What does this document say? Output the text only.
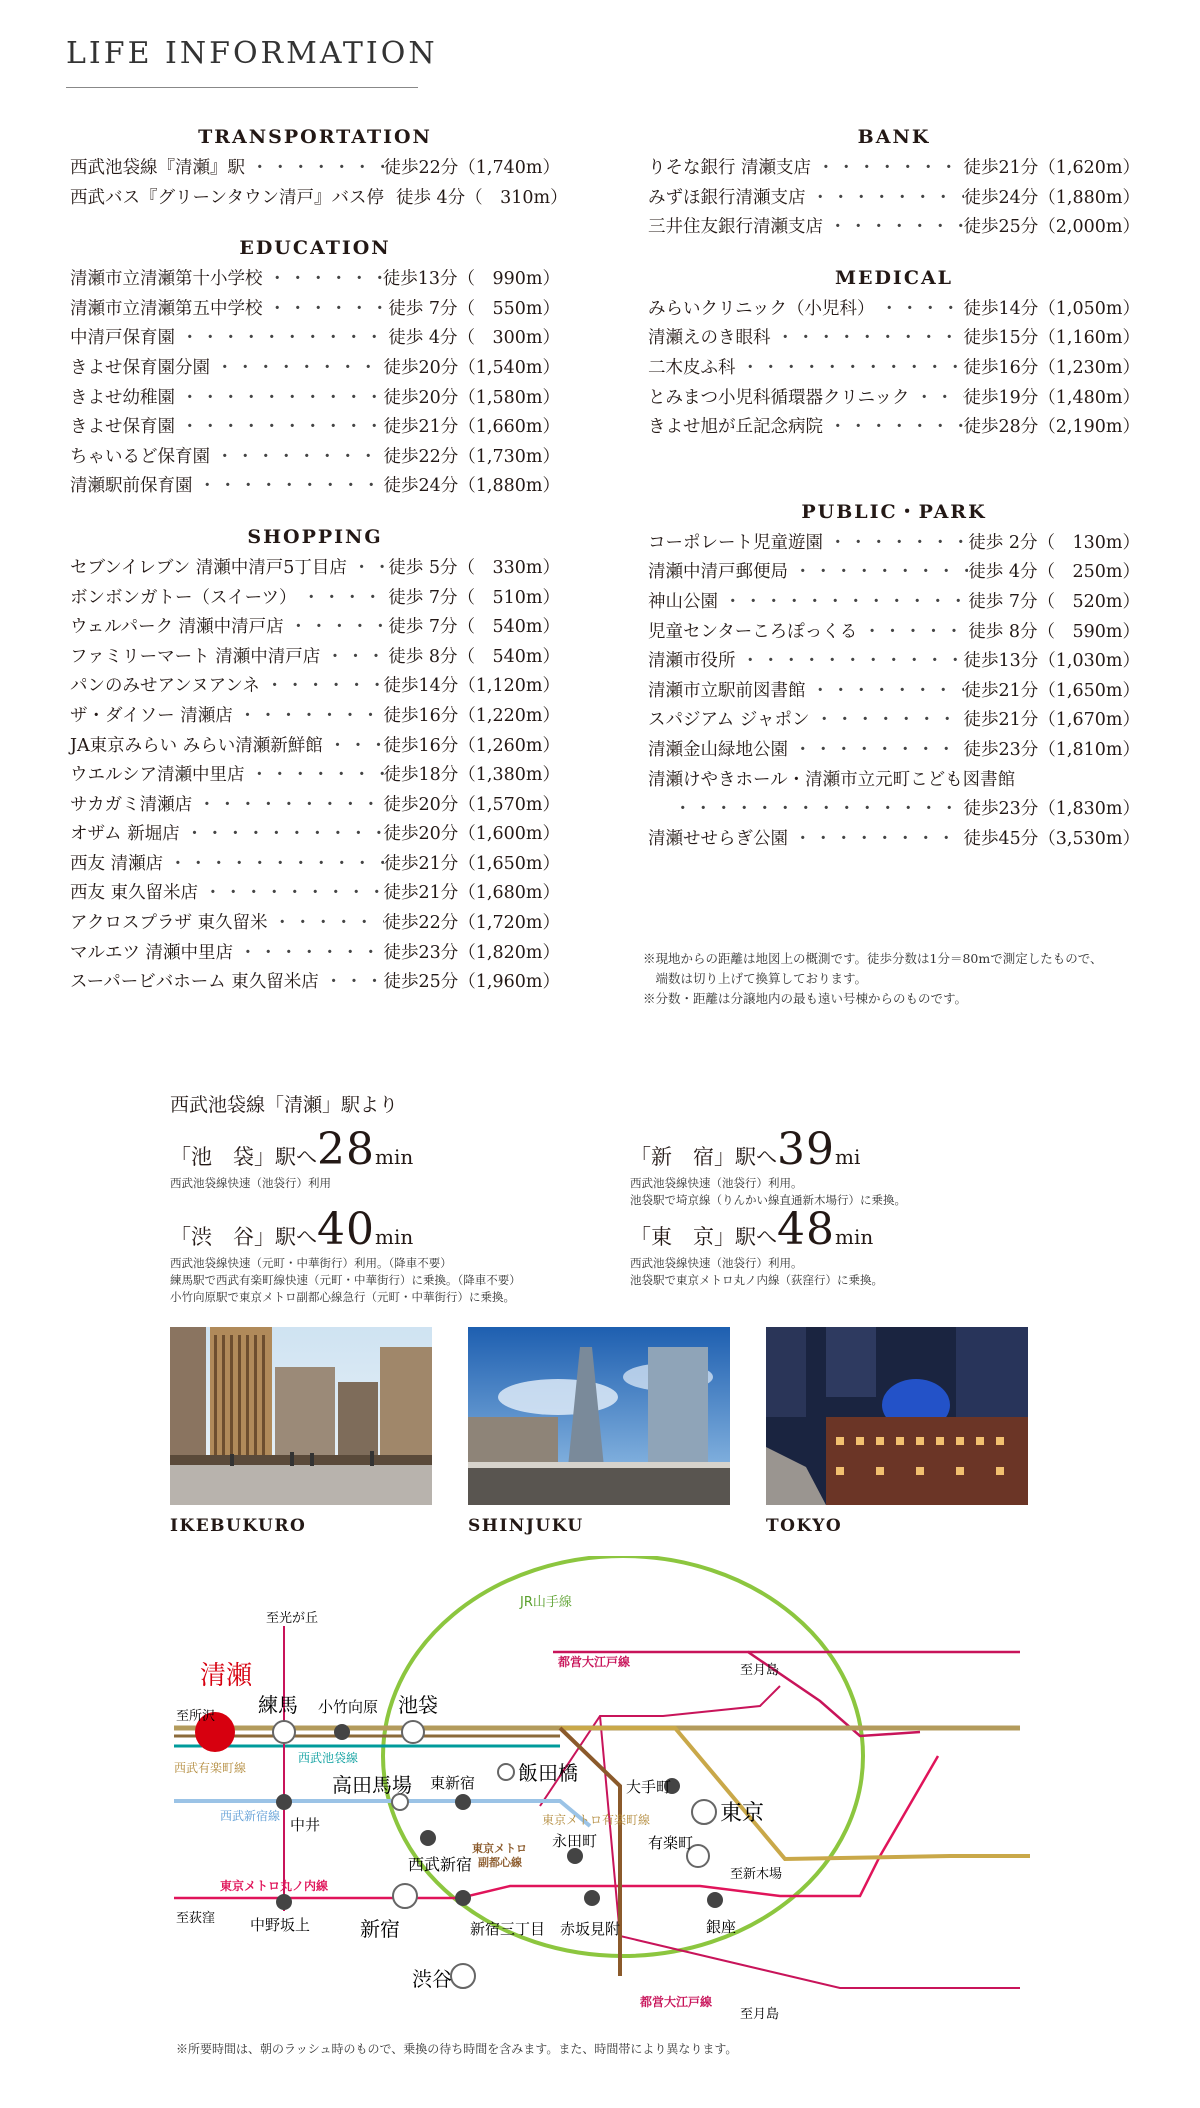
LIFE INFORMATION
TRANSPORTATION
西武池袋線『清瀬』駅 ・・・・・・・・・・・・・・・・・・・・・・・・・・・・・・・・・・・・・・・・・・	徒歩22分（1,740m）
西武バス『グリーンタウン清戸』バス停 ・・・・・・・・・・・・・・・・・・・・・・・・・・・・・・・・・・・・・・・・・・ 徒歩 4分（　310m）
EDUCATION
清瀬市立清瀬第十小学校 ・・・・・・・・・・・・・・・・・・・・・・・・・・・・・・・・・・・・・・・・・・	徒歩13分（　990m）
清瀬市立清瀬第五中学校 ・・・・・・・・・・・・・・・・・・・・・・・・・・・・・・・・・・・・・・・・・・	徒歩 7分（　550m）
中清戸保育園 ・・・・・・・・・・・・・・・・・・・・・・・・・・・・・・・・・・・・・・・・・・	徒歩 4分（　300m）
きよせ保育園分園 ・・・・・・・・・・・・・・・・・・・・・・・・・・・・・・・・・・・・・・・・・・	徒歩20分（1,540m）
きよせ幼稚園 ・・・・・・・・・・・・・・・・・・・・・・・・・・・・・・・・・・・・・・・・・・	徒歩20分（1,580m）
きよせ保育園 ・・・・・・・・・・・・・・・・・・・・・・・・・・・・・・・・・・・・・・・・・・	徒歩21分（1,660m）
ちゃいるど保育園 ・・・・・・・・・・・・・・・・・・・・・・・・・・・・・・・・・・・・・・・・・・	徒歩22分（1,730m）
清瀬駅前保育園 ・・・・・・・・・・・・・・・・・・・・・・・・・・・・・・・・・・・・・・・・・・	徒歩24分（1,880m）
SHOPPING
セブンイレブン 清瀬中清戸5丁目店 ・・・・・・・・・・・・・・・・・・・・・・・・・・・・・・・・・・・・・・・・・・ 徒歩 5分（　330m）
ボンボンガトー（スイーツ） ・・・・・・・・・・・・・・・・・・・・・・・・・・・・・・・・・・・・・・・・・・	徒歩 7分（　510m）
ウェルパーク 清瀬中清戸店 ・・・・・・・・・・・・・・・・・・・・・・・・・・・・・・・・・・・・・・・・・・	徒歩 7分（　540m）
ファミリーマート 清瀬中清戸店 ・・・・・・・・・・・・・・・・・・・・・・・・・・・・・・・・・・・・・・・・・・	徒歩 8分（　540m）
パンのみせアンヌアンネ ・・・・・・・・・・・・・・・・・・・・・・・・・・・・・・・・・・・・・・・・・・	徒歩14分（1,120m）
ザ・ダイソー 清瀬店 ・・・・・・・・・・・・・・・・・・・・・・・・・・・・・・・・・・・・・・・・・・	徒歩16分（1,220m）
JA東京みらい みらい清瀬新鮮館 ・・・・・・・・・・・・・・・・・・・・・・・・・・・・・・・・・・・・・・・・・・	徒歩16分（1,260m）
ウエルシア清瀬中里店 ・・・・・・・・・・・・・・・・・・・・・・・・・・・・・・・・・・・・・・・・・・	徒歩18分（1,380m）
サカガミ清瀬店 ・・・・・・・・・・・・・・・・・・・・・・・・・・・・・・・・・・・・・・・・・・	徒歩20分（1,570m）
オザム 新堀店 ・・・・・・・・・・・・・・・・・・・・・・・・・・・・・・・・・・・・・・・・・・	徒歩20分（1,600m）
西友 清瀬店 ・・・・・・・・・・・・・・・・・・・・・・・・・・・・・・・・・・・・・・・・・・	徒歩21分（1,650m）
西友 東久留米店 ・・・・・・・・・・・・・・・・・・・・・・・・・・・・・・・・・・・・・・・・・・	徒歩21分（1,680m）
アクロスプラザ 東久留米 ・・・・・・・・・・・・・・・・・・・・・・・・・・・・・・・・・・・・・・・・・・	徒歩22分（1,720m）
マルエツ 清瀬中里店 ・・・・・・・・・・・・・・・・・・・・・・・・・・・・・・・・・・・・・・・・・・	徒歩23分（1,820m）
スーパービバホーム 東久留米店 ・・・・・・・・・・・・・・・・・・・・・・・・・・・・・・・・・・・・・・・・・・	徒歩25分（1,960m）
BANK
りそな銀行 清瀬支店 ・・・・・・・・・・・・・・・・・・・・・・・・・・・・・・・・・・・・・・・・・・	徒歩21分（1,620m）
みずほ銀行清瀬支店 ・・・・・・・・・・・・・・・・・・・・・・・・・・・・・・・・・・・・・・・・・・	徒歩24分（1,880m）
三井住友銀行清瀬支店 ・・・・・・・・・・・・・・・・・・・・・・・・・・・・・・・・・・・・・・・・・・	徒歩25分（2,000m）
MEDICAL
みらいクリニック（小児科） ・・・・・・・・・・・・・・・・・・・・・・・・・・・・・・・・・・・・・・・・・・	徒歩14分（1,050m）
清瀬えのき眼科 ・・・・・・・・・・・・・・・・・・・・・・・・・・・・・・・・・・・・・・・・・・	徒歩15分（1,160m）
二木皮ふ科 ・・・・・・・・・・・・・・・・・・・・・・・・・・・・・・・・・・・・・・・・・・	徒歩16分（1,230m）
とみまつ小児科循環器クリニック ・・・・・・・・・・・・・・・・・・・・・・・・・・・・・・・・・・・・・・・・・・	徒歩19分（1,480m）
きよせ旭が丘記念病院 ・・・・・・・・・・・・・・・・・・・・・・・・・・・・・・・・・・・・・・・・・・	徒歩28分（2,190m）
PUBLIC・PARK
コーポレート児童遊園 ・・・・・・・・・・・・・・・・・・・・・・・・・・・・・・・・・・・・・・・・・・	徒歩 2分（　130m）
清瀬中清戸郵便局 ・・・・・・・・・・・・・・・・・・・・・・・・・・・・・・・・・・・・・・・・・・	徒歩 4分（　250m）
神山公園 ・・・・・・・・・・・・・・・・・・・・・・・・・・・・・・・・・・・・・・・・・・	徒歩 7分（　520m）
児童センターころぽっくる ・・・・・・・・・・・・・・・・・・・・・・・・・・・・・・・・・・・・・・・・・・	徒歩 8分（　590m）
清瀬市役所 ・・・・・・・・・・・・・・・・・・・・・・・・・・・・・・・・・・・・・・・・・・	徒歩13分（1,030m）
清瀬市立駅前図書館 ・・・・・・・・・・・・・・・・・・・・・・・・・・・・・・・・・・・・・・・・・・	徒歩21分（1,650m）
スパジアム ジャポン ・・・・・・・・・・・・・・・・・・・・・・・・・・・・・・・・・・・・・・・・・・	徒歩21分（1,670m）
清瀬金山緑地公園 ・・・・・・・・・・・・・・・・・・・・・・・・・・・・・・・・・・・・・・・・・・	徒歩23分（1,810m）
清瀬けやきホール・清瀬市立元町こども図書館
・・・・・・・・・・・・・・・・・・・・・・・・・・・・・・・・・・・・・・・・・・
徒歩23分（1,830m）
清瀬せせらぎ公園 ・・・・・・・・・・・・・・・・・・・・・・・・・・・・・・・・・・・・・・・・・・	徒歩45分（3,530m）
※現地からの距離は地図上の概測です。徒歩分数は1分＝80mで測定したもので、
　端数は切り上げて換算しております。
※分数・距離は分譲地内の最も遠い号棟からのものです。
西武池袋線「清瀬」駅より
「池　袋」駅へ28min
西武池袋線快速（池袋行）利用
「新　宿」駅へ39mi
西武池袋線快速（池袋行）利用。
池袋駅で埼京線（りんかい線直通新木場行）に乗換。
「渋　谷」駅へ40min
西武池袋線快速（元町・中華街行）利用。（降車不要）
練馬駅で西武有楽町線快速（元町・中華街行）に乗換。（降車不要）
小竹向原駅で東京メトロ副都心線急行（元町・中華街行）に乗換。
「東　京」駅へ48min
西武池袋線快速（池袋行）利用。
池袋駅で東京メトロ丸ノ内線（荻窪行）に乗換。
IKEBUKURO	SHINJUKU	TOKYO
清瀬
練馬 小竹向原 池袋
高田馬場
中井
西武新宿
東新宿 飯田橋
大手町
東京
永田町	有楽町
中野坂上 新宿	新宿三丁目 赤坂見附	銀座
渋谷
至光が丘
至所沢
至月島
至新木場
至荻窪
至月島
JR山手線
都営大江戸線
西武池袋線
西武有楽町線
西武新宿線	東京メトロ有楽町線
東京メトロ
副都心線
東京メトロ丸ノ内線
都営大江戸線
※所要時間は、朝のラッシュ時のもので、乗換の待ち時間を含みます。また、時間帯により異なります。
